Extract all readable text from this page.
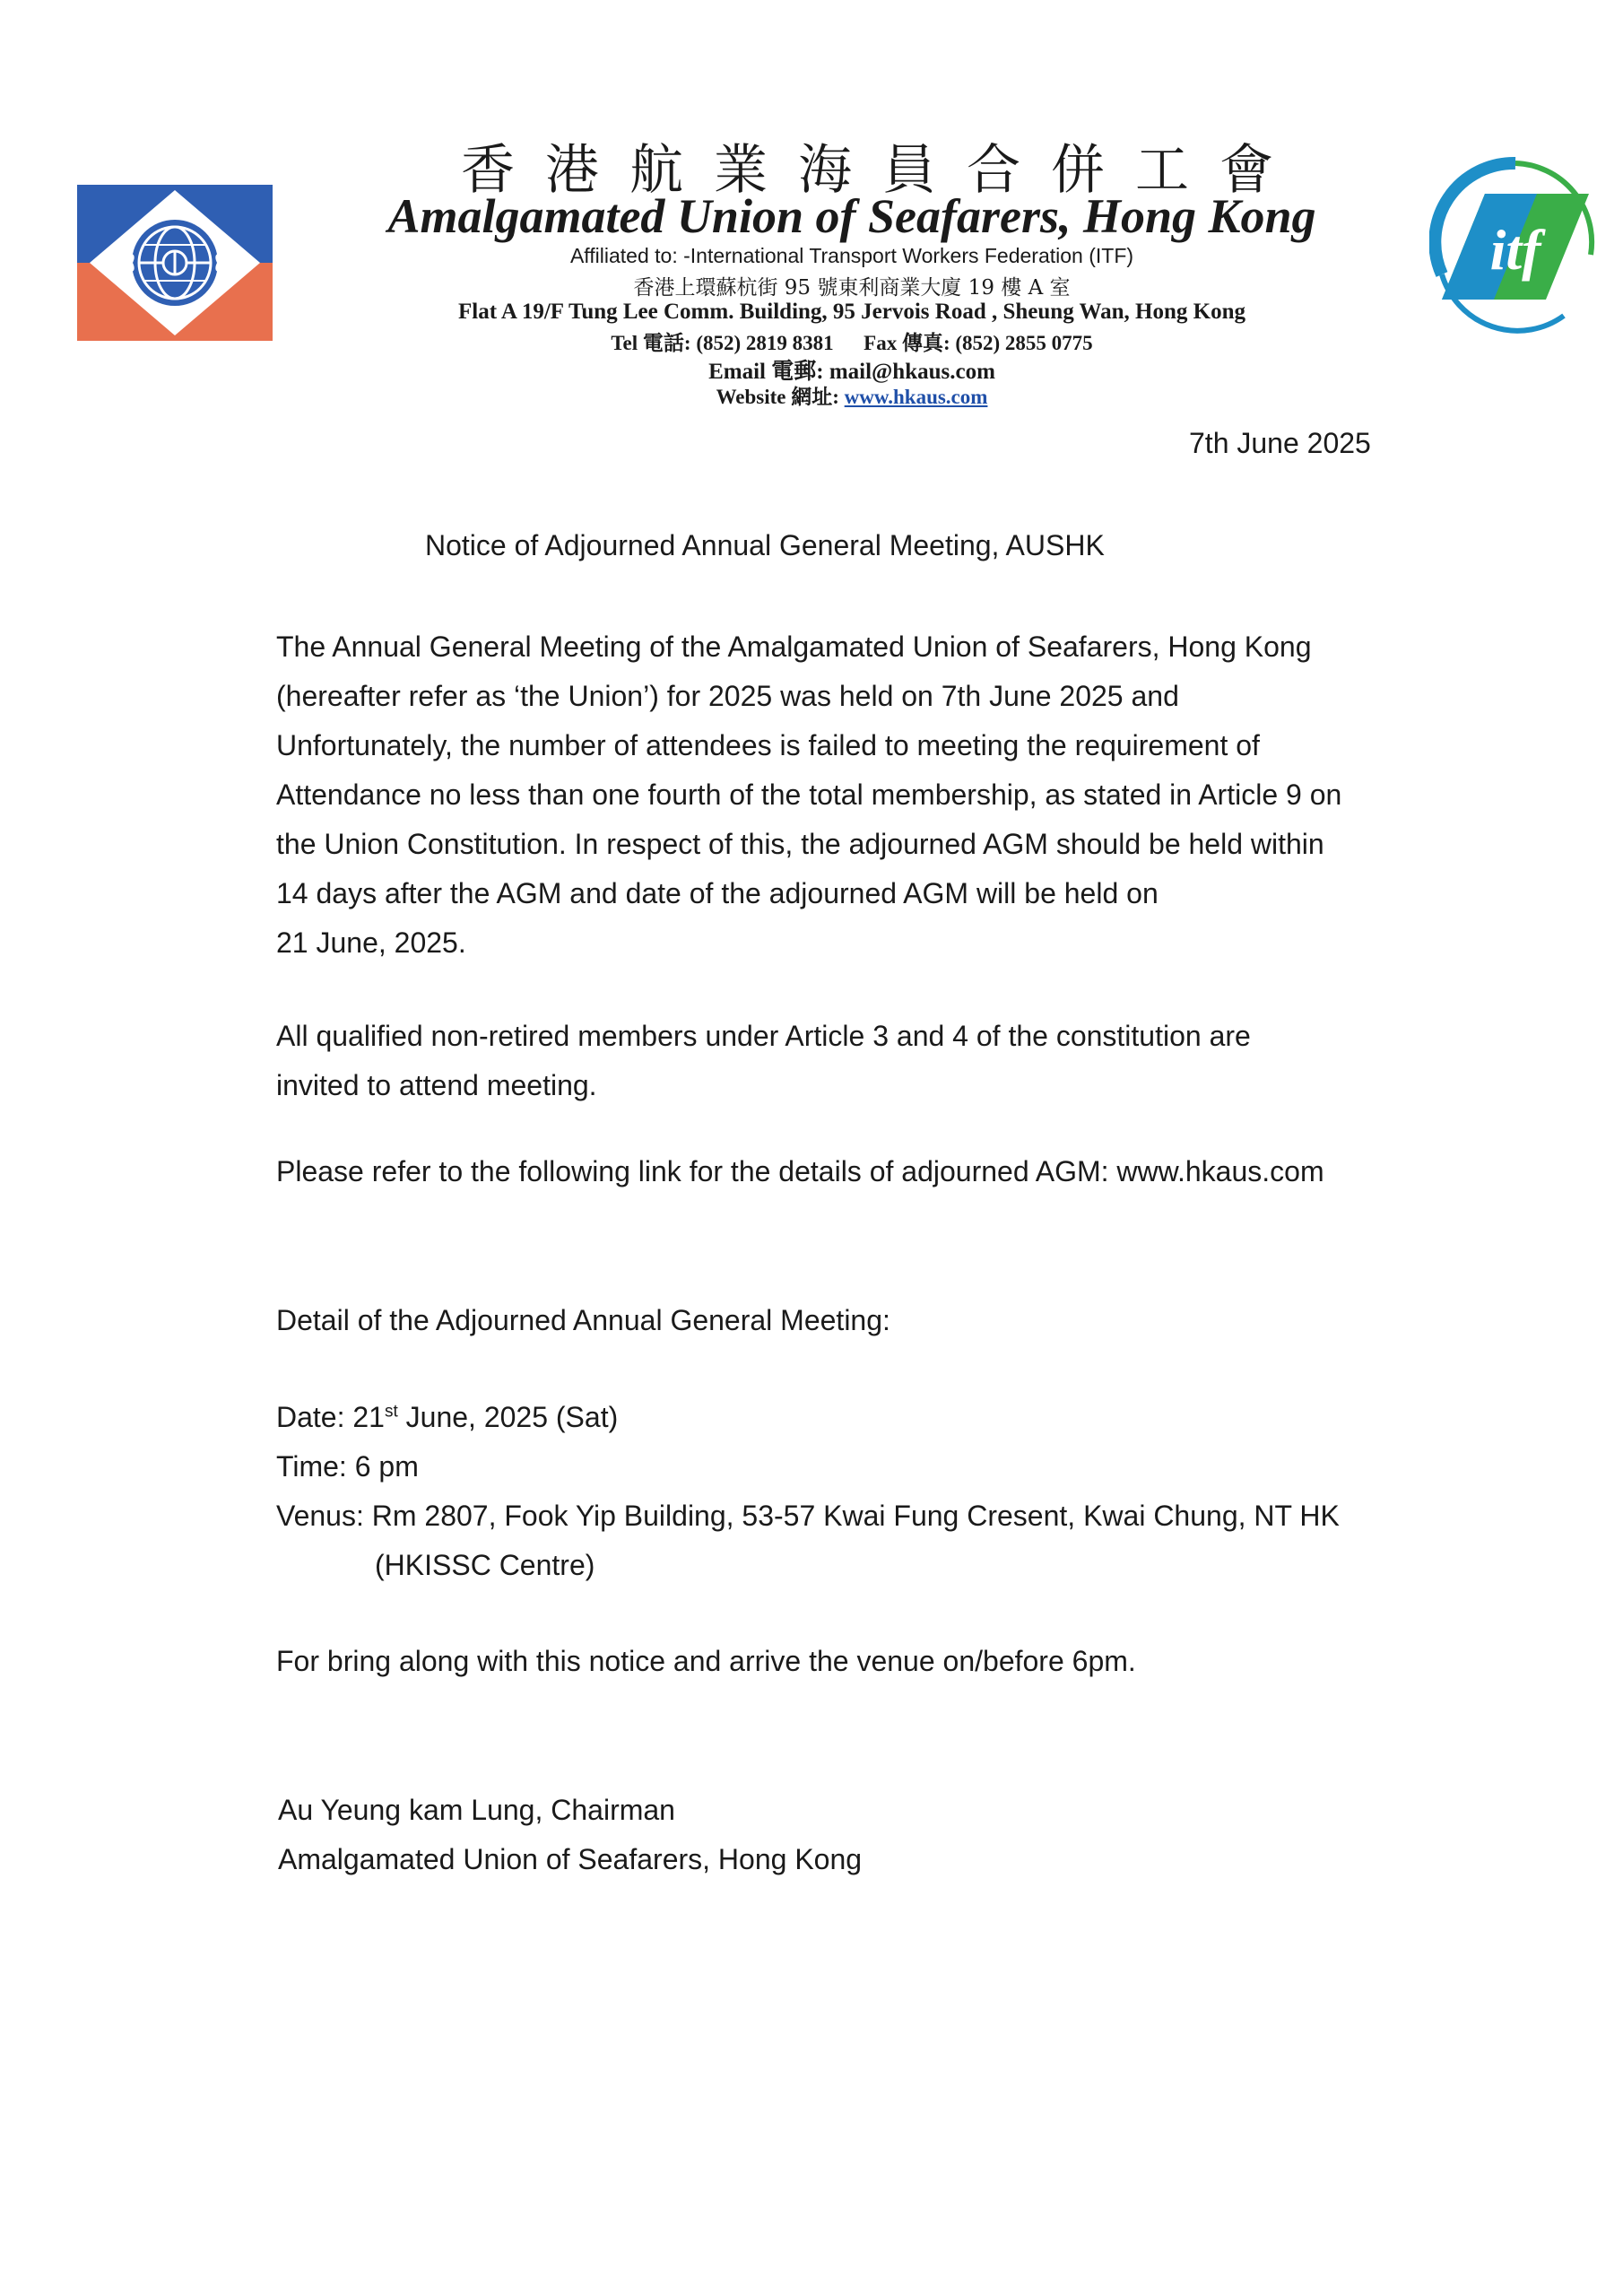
香港航業海員合併工會
Amalgamated Union of Seafarers, Hong Kong
Affiliated to: -International Transport Workers Federation (ITF)
香港上環蘇杭街 95 號東利商業大廈 19 樓 A 室
Flat A 19/F Tung Lee Comm. Building, 95 Jervois Road , Sheung Wan, Hong Kong
Tel 電話: (852) 2819 8381 Fax 傳真: (852) 2855 0775
Email 電郵: mail@hkaus.com
Website 網址: www.hkaus.com
itf
7th June 2025
Notice of Adjourned Annual General Meeting, AUSHK
The Annual General Meeting of the Amalgamated Union of Seafarers, Hong Kong
(hereafter refer as ‘the Union’) for 2025 was held on 7th June 2025 and
Unfortunately, the number of attendees is failed to meeting the requirement of
Attendance no less than one fourth of the total membership, as stated in Article 9 on
the Union Constitution. In respect of this, the adjourned AGM should be held within
14 days after the AGM and date of the adjourned AGM will be held on
21 June, 2025.
All qualified non-retired members under Article 3 and 4 of the constitution are
invited to attend meeting.
Please refer to the following link for the details of adjourned AGM: www.hkaus.com
Detail of the Adjourned Annual General Meeting:
Date: 21st June, 2025 (Sat)
Time: 6 pm
Venus: Rm 2807, Fook Yip Building, 53-57 Kwai Fung Cresent, Kwai Chung, NT HK
(HKISSC Centre)
For bring along with this notice and arrive the venue on/before 6pm.
Au Yeung kam Lung, Chairman
Amalgamated Union of Seafarers, Hong Kong
